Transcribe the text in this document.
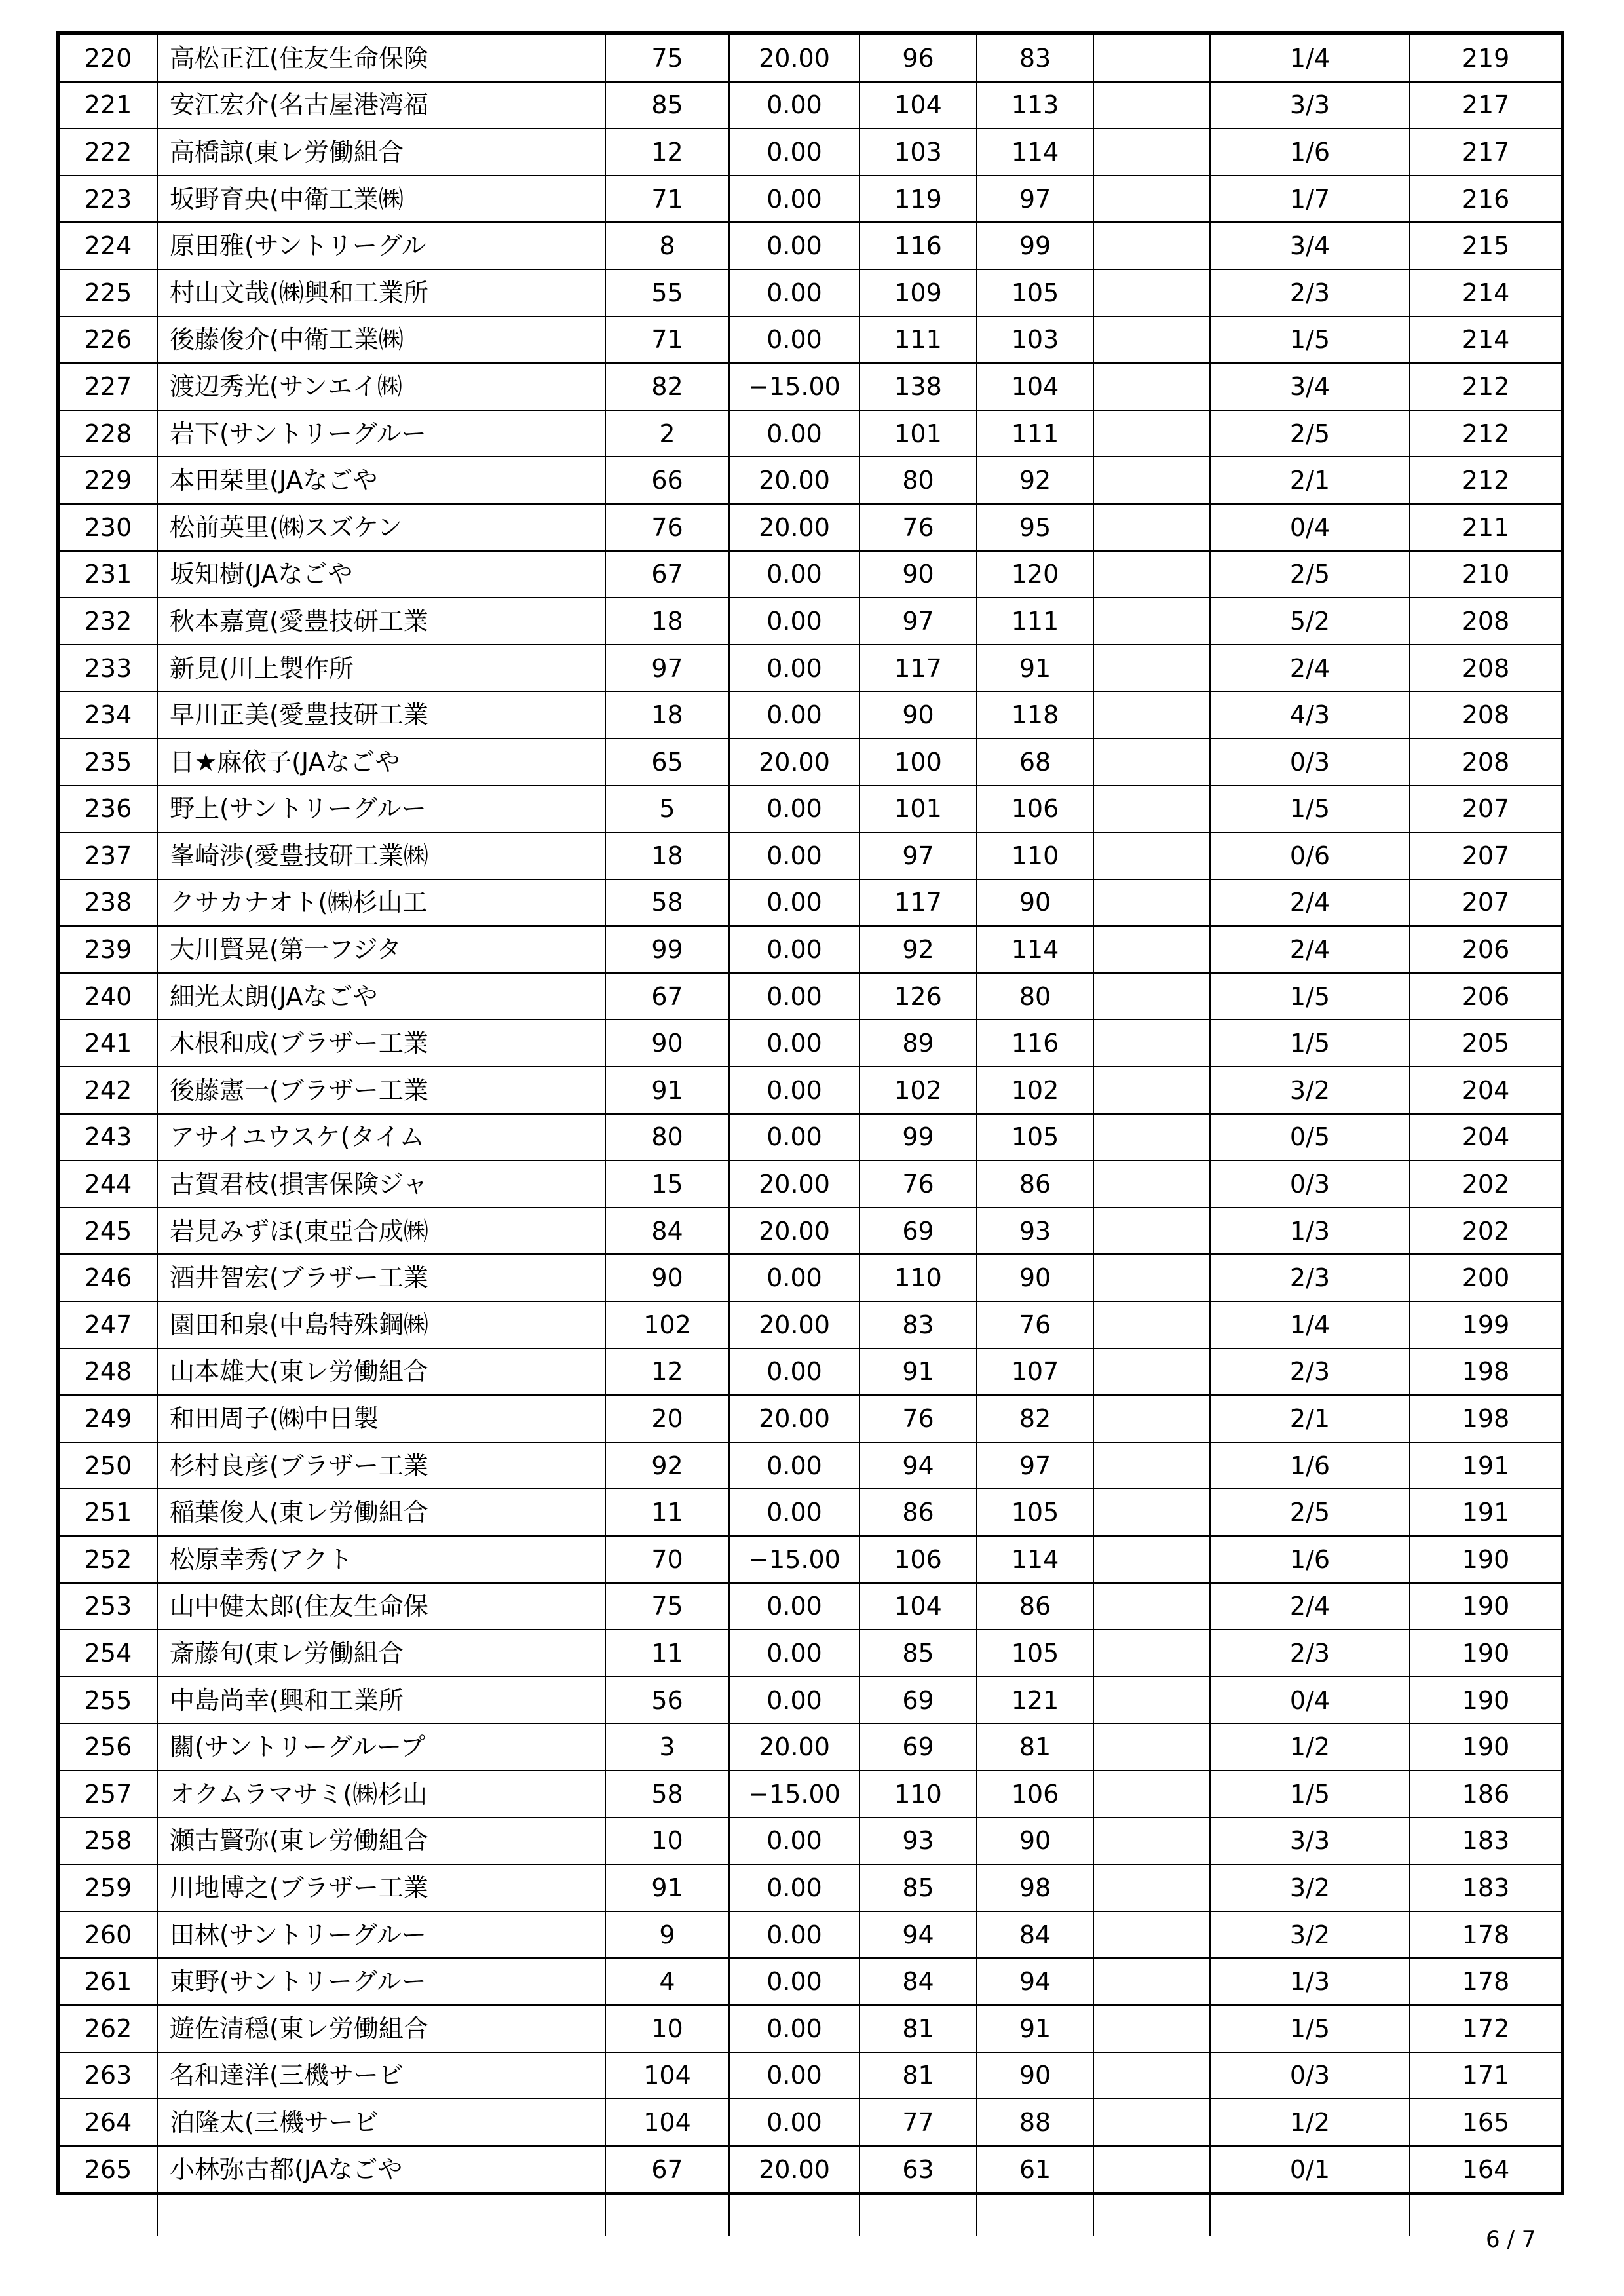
220	高松正江(住友生命保険	75	20.00	96	83		1/4	219
221	安江宏介(名古屋港湾福	85	0.00	104	113		3/3	217
222	高橋諒(東レ労働組合	12	0.00	103	114		1/6	217
223	坂野育央(中衛工業㈱	71	0.00	119	97		1/7	216
224	原田雅(サントリーグル	8	0.00	116	99		3/4	215
225	村山文哉(㈱興和工業所	55	0.00	109	105		2/3	214
226	後藤俊介(中衛工業㈱	71	0.00	111	103		1/5	214
227	渡辺秀光(サンエイ㈱	82	−15.00	138	104		3/4	212
228	岩下(サントリーグルー	2	0.00	101	111		2/5	212
229	本田栞里(JAなごや	66	20.00	80	92		2/1	212
230	松前英里(㈱スズケン	76	20.00	76	95		0/4	211
231	坂知樹(JAなごや	67	0.00	90	120		2/5	210
232	秋本嘉寛(愛豊技研工業	18	0.00	97	111		5/2	208
233	新見(川上製作所	97	0.00	117	91		2/4	208
234	早川正美(愛豊技研工業	18	0.00	90	118		4/3	208
235	日★麻依子(JAなごや	65	20.00	100	68		0/3	208
236	野上(サントリーグルー	5	0.00	101	106		1/5	207
237	峯崎渉(愛豊技研工業㈱	18	0.00	97	110		0/6	207
238	クサカナオト(㈱杉山工	58	0.00	117	90		2/4	207
239	大川賢晃(第一フジタ	99	0.00	92	114		2/4	206
240	細光太朗(JAなごや	67	0.00	126	80		1/5	206
241	木根和成(ブラザー工業	90	0.00	89	116		1/5	205
242	後藤憲一(ブラザー工業	91	0.00	102	102		3/2	204
243	アサイユウスケ(タイム	80	0.00	99	105		0/5	204
244	古賀君枝(損害保険ジャ	15	20.00	76	86		0/3	202
245	岩見みずほ(東亞合成㈱	84	20.00	69	93		1/3	202
246	酒井智宏(ブラザー工業	90	0.00	110	90		2/3	200
247	園田和泉(中島特殊鋼㈱	102	20.00	83	76		1/4	199
248	山本雄大(東レ労働組合	12	0.00	91	107		2/3	198
249	和田周子(㈱中日製	20	20.00	76	82		2/1	198
250	杉村良彦(ブラザー工業	92	0.00	94	97		1/6	191
251	稲葉俊人(東レ労働組合	11	0.00	86	105		2/5	191
252	松原幸秀(アクト	70	−15.00	106	114		1/6	190
253	山中健太郎(住友生命保	75	0.00	104	86		2/4	190
254	斎藤旬(東レ労働組合	11	0.00	85	105		2/3	190
255	中島尚幸(興和工業所	56	0.00	69	121		0/4	190
256	關(サントリーグループ	3	20.00	69	81		1/2	190
257	オクムラマサミ(㈱杉山	58	−15.00	110	106		1/5	186
258	瀬古賢弥(東レ労働組合	10	0.00	93	90		3/3	183
259	川地博之(ブラザー工業	91	0.00	85	98		3/2	183
260	田林(サントリーグルー	9	0.00	94	84		3/2	178
261	東野(サントリーグルー	4	0.00	84	94		1/3	178
262	遊佐清穏(東レ労働組合	10	0.00	81	91		1/5	172
263	名和達洋(三機サービ	104	0.00	81	90		0/3	171
264	泊隆太(三機サービ	104	0.00	77	88		1/2	165
265	小林弥古都(JAなごや	67	20.00	63	61		0/1	164

6 / 7
